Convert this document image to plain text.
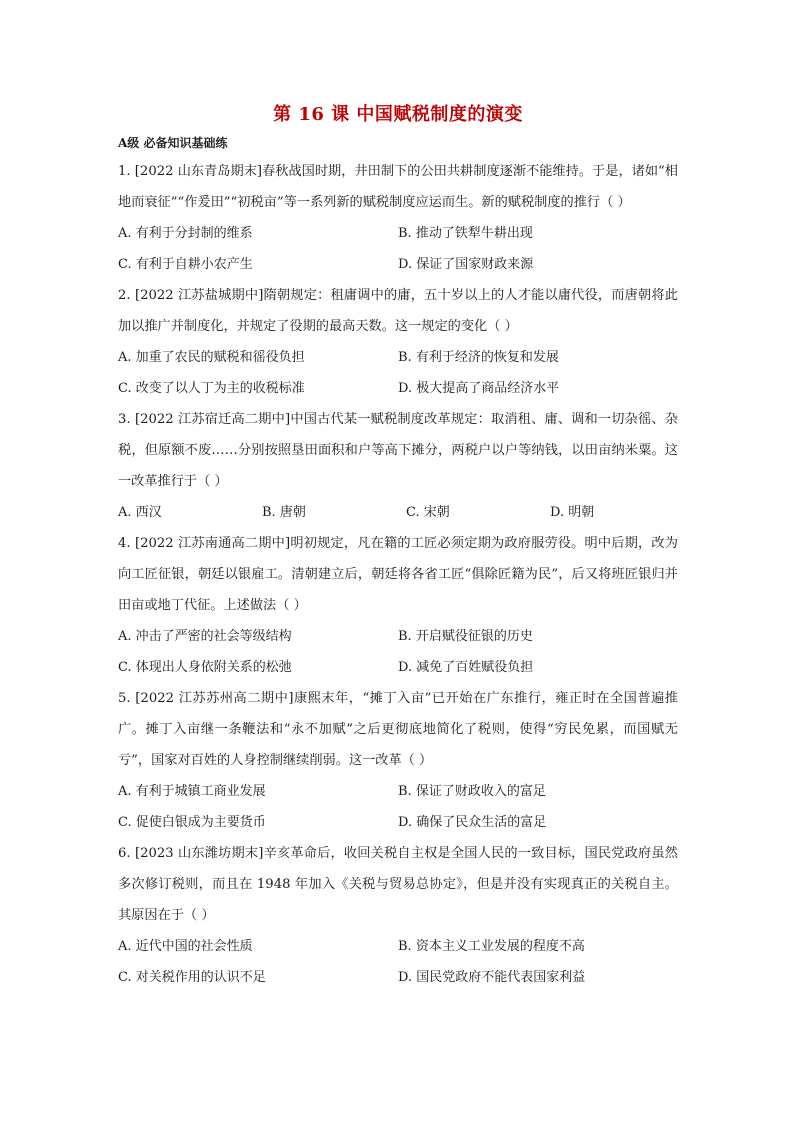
第 16 课 中国赋税制度的演变
A级 必备知识基础练

1. [2022 山东青岛期末]春秋战国时期，井田制下的公田共耕制度逐渐不能维持。于是，诸如“相地而衰征”“作爰田”“初税亩”等一系列新的赋税制度应运而生。新的赋税制度的推行（ ）

A. 有利于分封制的维系	B. 推动了铁犁牛耕出现
C. 有利于自耕小农产生	D. 保证了国家财政来源

2. [2022 江苏盐城期中]隋朝规定：租庸调中的庸，五十岁以上的人才能以庸代役，而唐朝将此加以推广并制度化，并规定了役期的最高天数。这一规定的变化（ ）

A. 加重了农民的赋税和徭役负担	B. 有利于经济的恢复和发展
C. 改变了以人丁为主的收税标准	D. 极大提高了商品经济水平

3. [2022 江苏宿迁高二期中]中国古代某一赋税制度改革规定：取消租、庸、调和一切杂徭、杂税，但原额不废……分别按照垦田面积和户等高下摊分，两税户以户等纳钱，以田亩纳米粟。这一改革推行于（ ）

A. 西汉	B. 唐朝	C. 宋朝	D. 明朝

4. [2022 江苏南通高二期中]明初规定，凡在籍的工匠必须定期为政府服劳役。明中后期，改为向工匠征银，朝廷以银雇工。清朝建立后，朝廷将各省工匠“俱除匠籍为民”，后又将班匠银归并田亩或地丁代征。上述做法（ ）

A. 冲击了严密的社会等级结构	B. 开启赋役征银的历史
C. 体现出人身依附关系的松弛	D. 减免了百姓赋役负担

5. [2022 江苏苏州高二期中]康熙末年，“摊丁入亩”已开始在广东推行，雍正时在全国普遍推广。摊丁入亩继一条鞭法和“永不加赋”之后更彻底地简化了税则，使得“穷民免累，而国赋无亏”，国家对百姓的人身控制继续削弱。这一改革（ ）

A. 有利于城镇工商业发展	B. 保证了财政收入的富足
C. 促使白银成为主要货币	D. 确保了民众生活的富足

6. [2023 山东潍坊期末]辛亥革命后，收回关税自主权是全国人民的一致目标，国民党政府虽然多次修订税则，而且在 1948 年加入《关税与贸易总协定》，但是并没有实现真正的关税自主。其原因在于（ ）

A. 近代中国的社会性质	B. 资本主义工业发展的程度不高
C. 对关税作用的认识不足	D. 国民党政府不能代表国家利益
